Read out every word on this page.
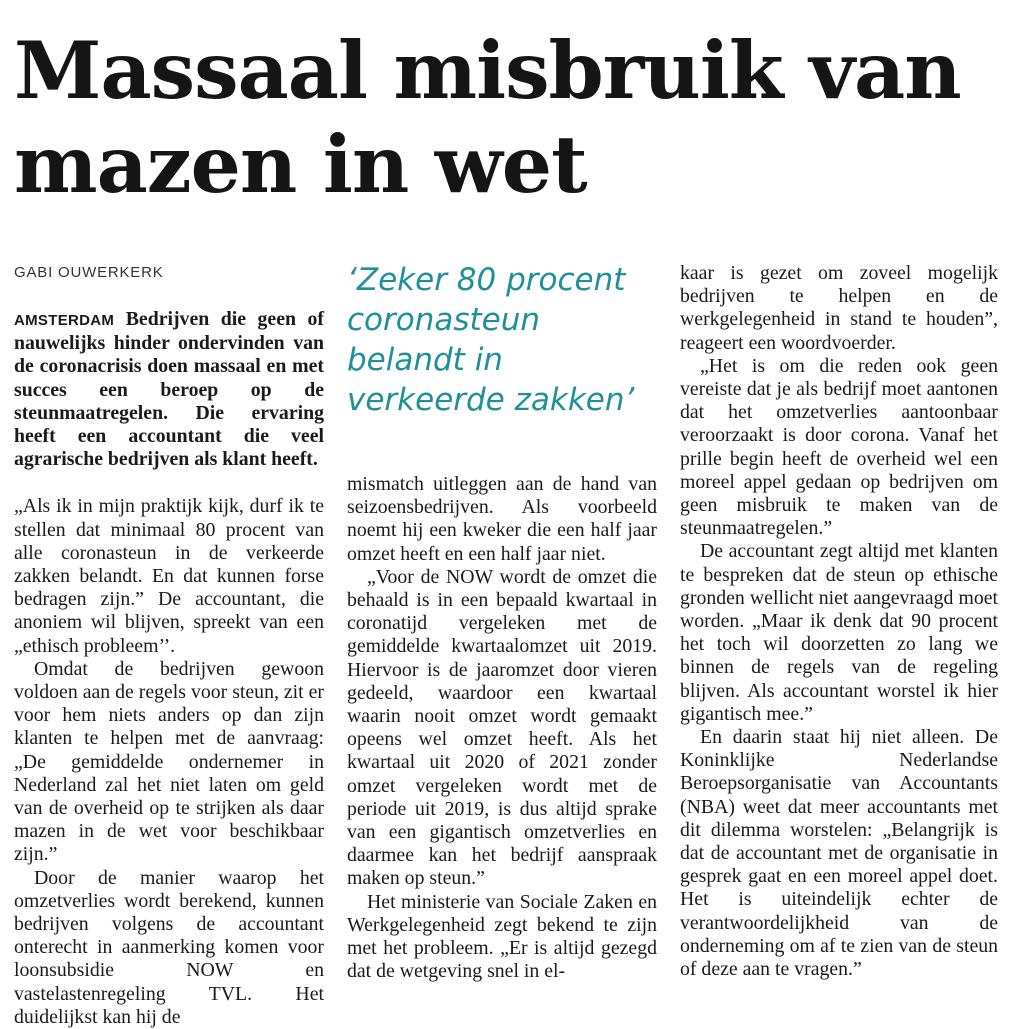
Massaal misbruik van mazen in wet
GABI OUWERKERK	‘Zeker 80 procent coronasteun belandt in verkeerde zakken’

AMSTERDAM Bedrijven die geen of nauwelijks hinder ondervinden van de coronacrisis doen massaal en met succes een beroep op de steunmaatregelen. Die ervaring heeft een accountant die veel agrarische bedrijven als klant heeft.

„Als ik in mijn praktijk kijk, durf ik te stellen dat minimaal 80 procent van alle coronasteun in de verkeerde zakken belandt. En dat kunnen forse bedragen zijn.” De accountant, die anoniem wil blijven, spreekt van een „ethisch probleem’’.

Omdat de bedrijven gewoon voldoen aan de regels voor steun, zit er voor hem niets anders op dan zijn klanten te helpen met de aanvraag: „De gemiddelde ondernemer in Nederland zal het niet laten om geld van de overheid op te strijken als daar mazen in de wet voor beschikbaar zijn.”

Door de manier waarop het omzetverlies wordt berekend, kunnen bedrijven volgens de accountant onterecht in aanmerking komen voor loonsubsidie NOW en vastelastenregeling TVL. Het duidelijkst kan hij de

mismatch uitleggen aan de hand van seizoensbedrijven. Als voorbeeld noemt hij een kweker die een half jaar omzet heeft en een half jaar niet.

„Voor de NOW wordt de omzet die behaald is in een bepaald kwartaal in coronatijd vergeleken met de gemiddelde kwartaalomzet uit 2019. Hiervoor is de jaaromzet door vieren gedeeld, waardoor een kwartaal waarin nooit omzet wordt gemaakt opeens wel omzet heeft. Als het kwartaal uit 2020 of 2021 zonder omzet vergeleken wordt met de periode uit 2019, is dus altijd sprake van een gigantisch omzetverlies en daarmee kan het bedrijf aanspraak maken op steun.”

Het ministerie van Sociale Zaken en Werkgelegenheid zegt bekend te zijn met het probleem. „Er is altijd gezegd dat de wetgeving snel in el-

kaar is gezet om zoveel mogelijk bedrijven te helpen en de werkgelegenheid in stand te houden”, reageert een woordvoerder.

„Het is om die reden ook geen vereiste dat je als bedrijf moet aantonen dat het omzetverlies aantoonbaar veroorzaakt is door corona. Vanaf het prille begin heeft de overheid wel een moreel appel gedaan op bedrijven om geen misbruik te maken van de steunmaatregelen.”

De accountant zegt altijd met klanten te bespreken dat de steun op ethische gronden wellicht niet aangevraagd moet worden. „Maar ik denk dat 90 procent het toch wil doorzetten zo lang we binnen de regels van de regeling blijven. Als accountant worstel ik hier gigantisch mee.”

En daarin staat hij niet alleen. De Koninklijke Nederlandse Beroepsorganisatie van Accountants (NBA) weet dat meer accountants met dit dilemma worstelen: „Belangrijk is dat de accountant met de organisatie in gesprek gaat en een moreel appel doet. Het is uiteindelijk echter de verantwoordelijkheid van de onderneming om af te zien van de steun of deze aan te vragen.”
